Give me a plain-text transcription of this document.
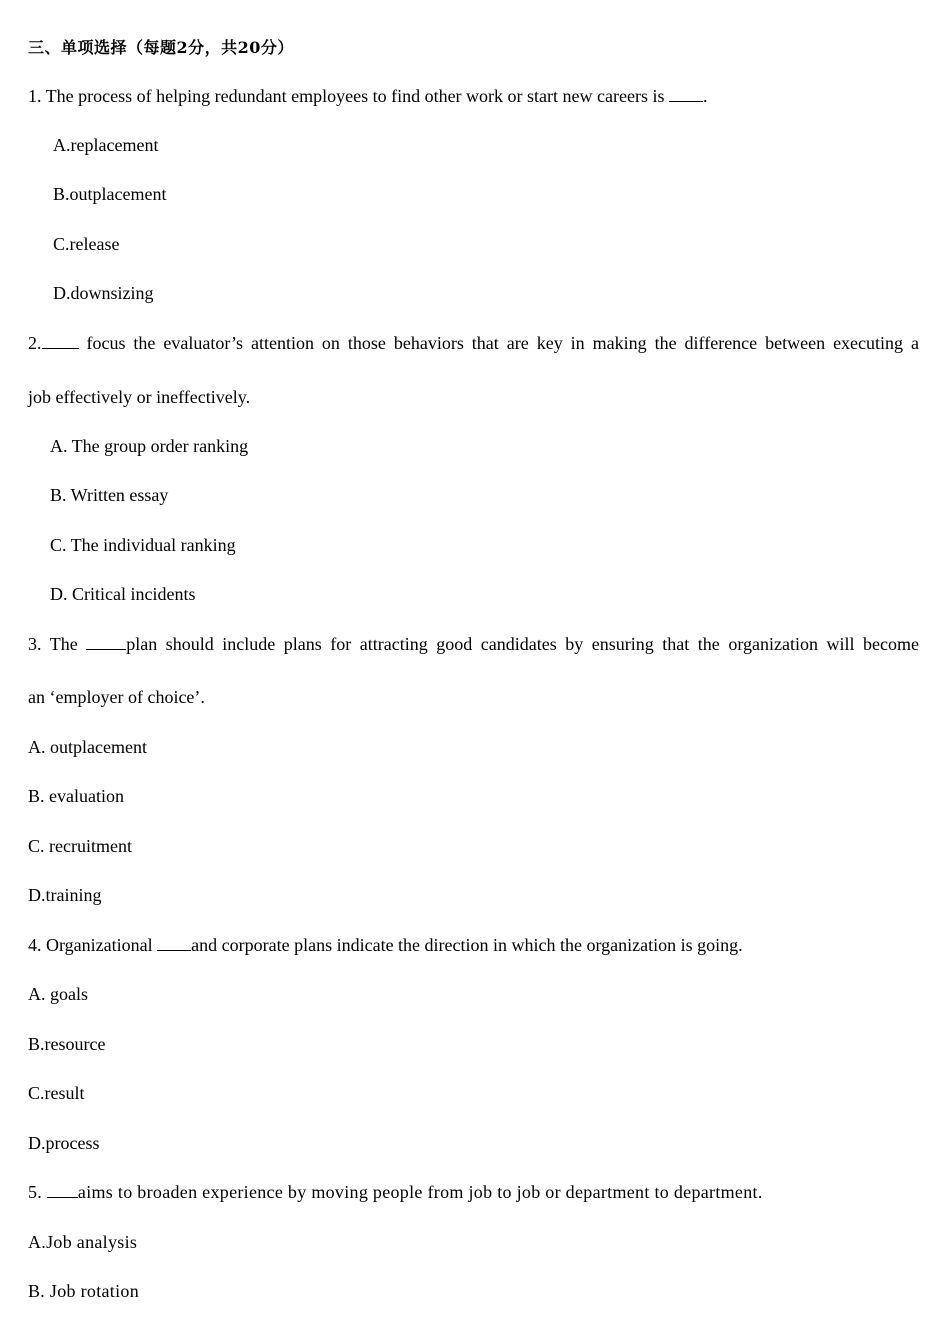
三、单项选择（每题2分，共20分）
1. The process of helping redundant employees to find other work or start new careers is .
A.replacement
B.outplacement
C.release
D.downsizing
2. focus the evaluator’s attention on those behaviors that are key in making the difference between executing a
job effectively or ineffectively.
A. The group order ranking
B. Written essay
C. The individual ranking
D. Critical incidents
3. The plan should include plans for attracting good candidates by ensuring that the organization will become
an ‘employer of choice’.
A. outplacement
B. evaluation
C. recruitment
D.training
4. Organizational and corporate plans indicate the direction in which the organization is going.
A. goals
B.resource
C.result
D.process
5. aims to broaden experience by moving people from job to job or department to department.
A.Job analysis
B. Job rotation
